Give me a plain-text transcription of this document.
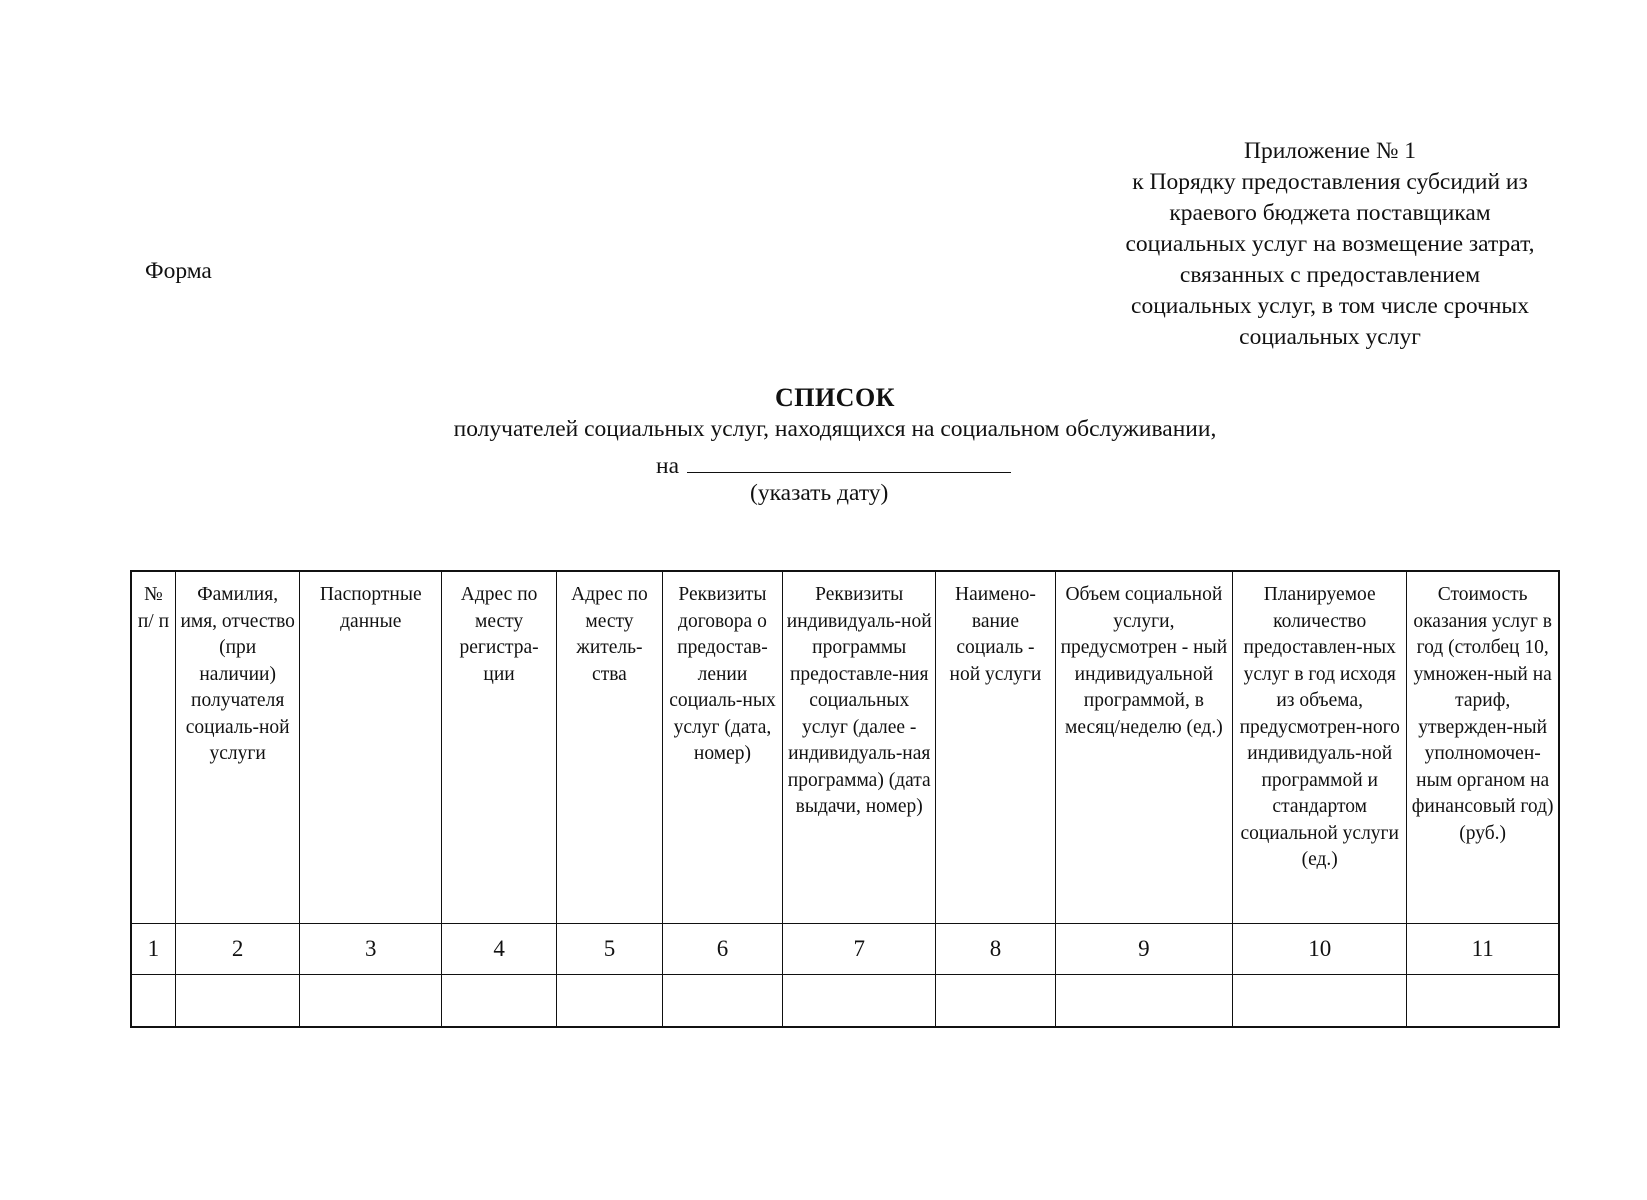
Приложение № 1
к Порядку предоставления субсидий из
краевого бюджета поставщикам
социальных услуг на возмещение затрат,
связанных с предоставлением
социальных услуг, в том числе срочных
социальных услуг
Форма
СПИСОК
получателей социальных услуг, находящихся на социальном обслуживании,
на
(указать дату)
№ п/ п	Фамилия, имя, отчество (при наличии) получателя социаль-ной услуги	Паспортные данные	Адрес по месту регистра-ции	Адрес по месту житель-ства	Реквизиты договора о предостав-лении социаль-ных услуг (дата, номер)	Реквизиты индивидуаль-ной программы предоставле-ния социальных услуг (далее - индивидуаль-ная программа) (дата выдачи, номер)	Наимено-вание социаль - ной услуги	Объем социальной услуги, предусмотрен - ный индивидуальной программой, в месяц/неделю (ед.)	Планируемое количество предоставлен-ных услуг в год исходя из объема, предусмотрен-ного индивидуаль-ной программой и стандартом социальной услуги (ед.)	Стоимость оказания услуг в год (столбец 10, умножен-ный на тариф, утвержден-ный уполномочен-ным органом на финансовый год) (руб.)
1	2	3	4	5	6	7	8	9	10	11
